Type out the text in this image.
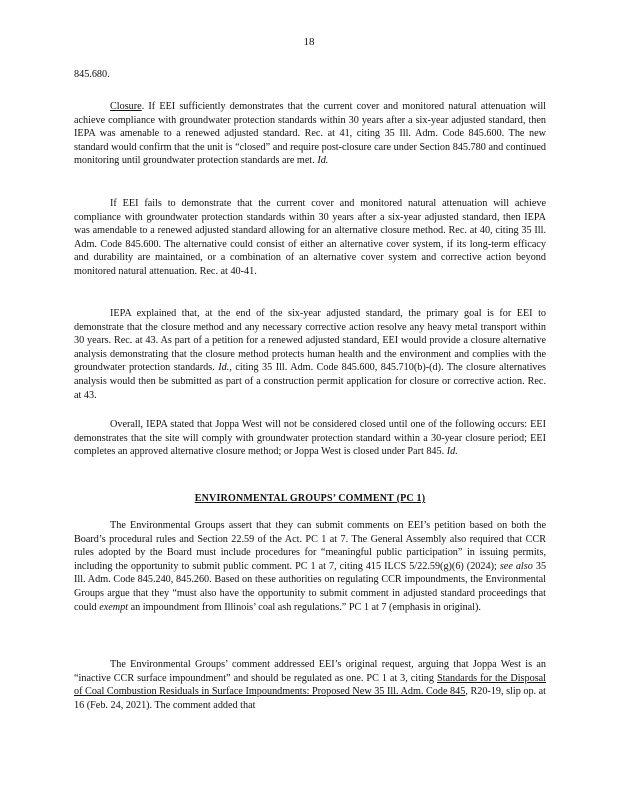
18
845.680.
Closure. If EEI sufficiently demonstrates that the current cover and monitored natural attenuation will achieve compliance with groundwater protection standards within 30 years after a six-year adjusted standard, then IEPA was amenable to a renewed adjusted standard. Rec. at 41, citing 35 Ill. Adm. Code 845.600. The new standard would confirm that the unit is “closed” and require post-closure care under Section 845.780 and continued monitoring until groundwater protection standards are met. Id.
If EEI fails to demonstrate that the current cover and monitored natural attenuation will achieve compliance with groundwater protection standards within 30 years after a six-year adjusted standard, then IEPA was amendable to a renewed adjusted standard allowing for an alternative closure method. Rec. at 40, citing 35 Ill. Adm. Code 845.600. The alternative could consist of either an alternative cover system, if its long-term efficacy and durability are maintained, or a combination of an alternative cover system and corrective action beyond monitored natural attenuation. Rec. at 40-41.
IEPA explained that, at the end of the six-year adjusted standard, the primary goal is for EEI to demonstrate that the closure method and any necessary corrective action resolve any heavy metal transport within 30 years. Rec. at 43. As part of a petition for a renewed adjusted standard, EEI would provide a closure alternative analysis demonstrating that the closure method protects human health and the environment and complies with the groundwater protection standards. Id., citing 35 Ill. Adm. Code 845.600, 845.710(b)-(d). The closure alternatives analysis would then be submitted as part of a construction permit application for closure or corrective action. Rec. at 43.
Overall, IEPA stated that Joppa West will not be considered closed until one of the following occurs: EEI demonstrates that the site will comply with groundwater protection standard within a 30-year closure period; EEI completes an approved alternative closure method; or Joppa West is closed under Part 845. Id.
ENVIRONMENTAL GROUPS’ COMMENT (PC 1)
The Environmental Groups assert that they can submit comments on EEI’s petition based on both the Board’s procedural rules and Section 22.59 of the Act. PC 1 at 7. The General Assembly also required that CCR rules adopted by the Board must include procedures for “meaningful public participation” in issuing permits, including the opportunity to submit public comment. PC 1 at 7, citing 415 ILCS 5/22.59(g)(6) (2024); see also 35 Ill. Adm. Code 845.240, 845.260. Based on these authorities on regulating CCR impoundments, the Environmental Groups argue that they “must also have the opportunity to submit comment in adjusted standard proceedings that could exempt an impoundment from Illinois’ coal ash regulations.” PC 1 at 7 (emphasis in original).
The Environmental Groups’ comment addressed EEI’s original request, arguing that Joppa West is an “inactive CCR surface impoundment” and should be regulated as one. PC 1 at 3, citing Standards for the Disposal of Coal Combustion Residuals in Surface Impoundments: Proposed New 35 Ill. Adm. Code 845, R20-19, slip op. at 16 (Feb. 24, 2021). The comment added that
